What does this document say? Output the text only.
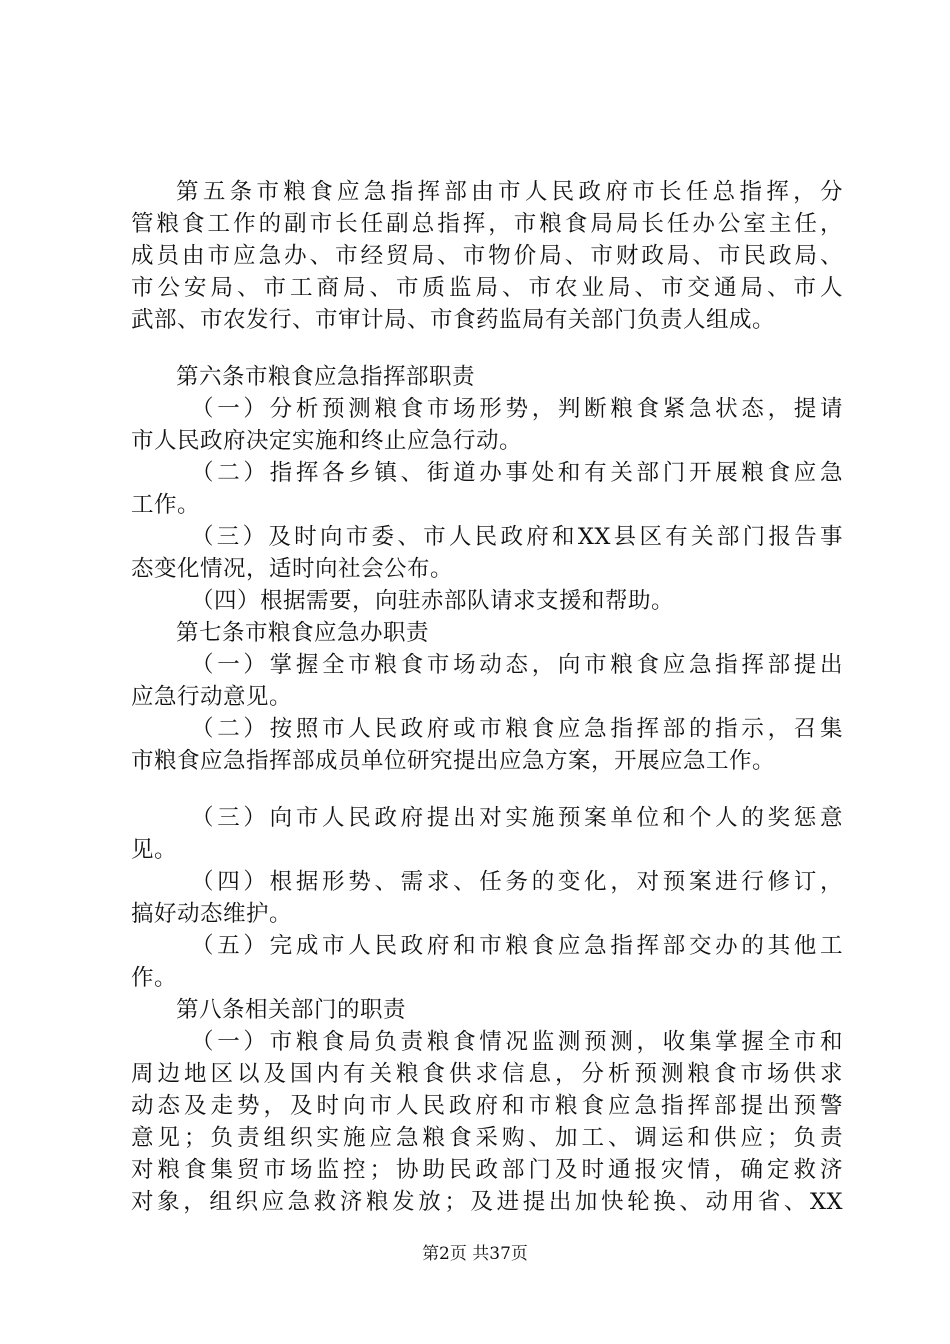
第五条市粮食应急指挥部由市人民政府市长任总指挥，分
管粮食工作的副市长任副总指挥，市粮食局局长任办公室主任，
成员由市应急办、市经贸局、市物价局、市财政局、市民政局、
市公安局、市工商局、市质监局、市农业局、市交通局、市人
武部、市农发行、市审计局、市食药监局有关部门负责人组成。
第六条市粮食应急指挥部职责
（一）分析预测粮食市场形势，判断粮食紧急状态，提请
市人民政府决定实施和终止应急行动。
（二）指挥各乡镇、街道办事处和有关部门开展粮食应急
工作。
（三）及时向市委、市人民政府和XX县区有关部门报告事
态变化情况，适时向社会公布。
（四）根据需要，向驻赤部队请求支援和帮助。
第七条市粮食应急办职责
（一）掌握全市粮食市场动态，向市粮食应急指挥部提出
应急行动意见。
（二）按照市人民政府或市粮食应急指挥部的指示，召集
市粮食应急指挥部成员单位研究提出应急方案，开展应急工作。
（三）向市人民政府提出对实施预案单位和个人的奖惩意
见。
（四）根据形势、需求、任务的变化，对预案进行修订，
搞好动态维护。
（五）完成市人民政府和市粮食应急指挥部交办的其他工
作。
第八条相关部门的职责
（一）市粮食局负责粮食情况监测预测，收集掌握全市和
周边地区以及国内有关粮食供求信息，分析预测粮食市场供求
动态及走势，及时向市人民政府和市粮食应急指挥部提出预警
意见；负责组织实施应急粮食采购、加工、调运和供应；负责
对粮食集贸市场监控；协助民政部门及时通报灾情，确定救济
对象，组织应急救济粮发放；及进提出加快轮换、动用省、XX
第2页 共37页
